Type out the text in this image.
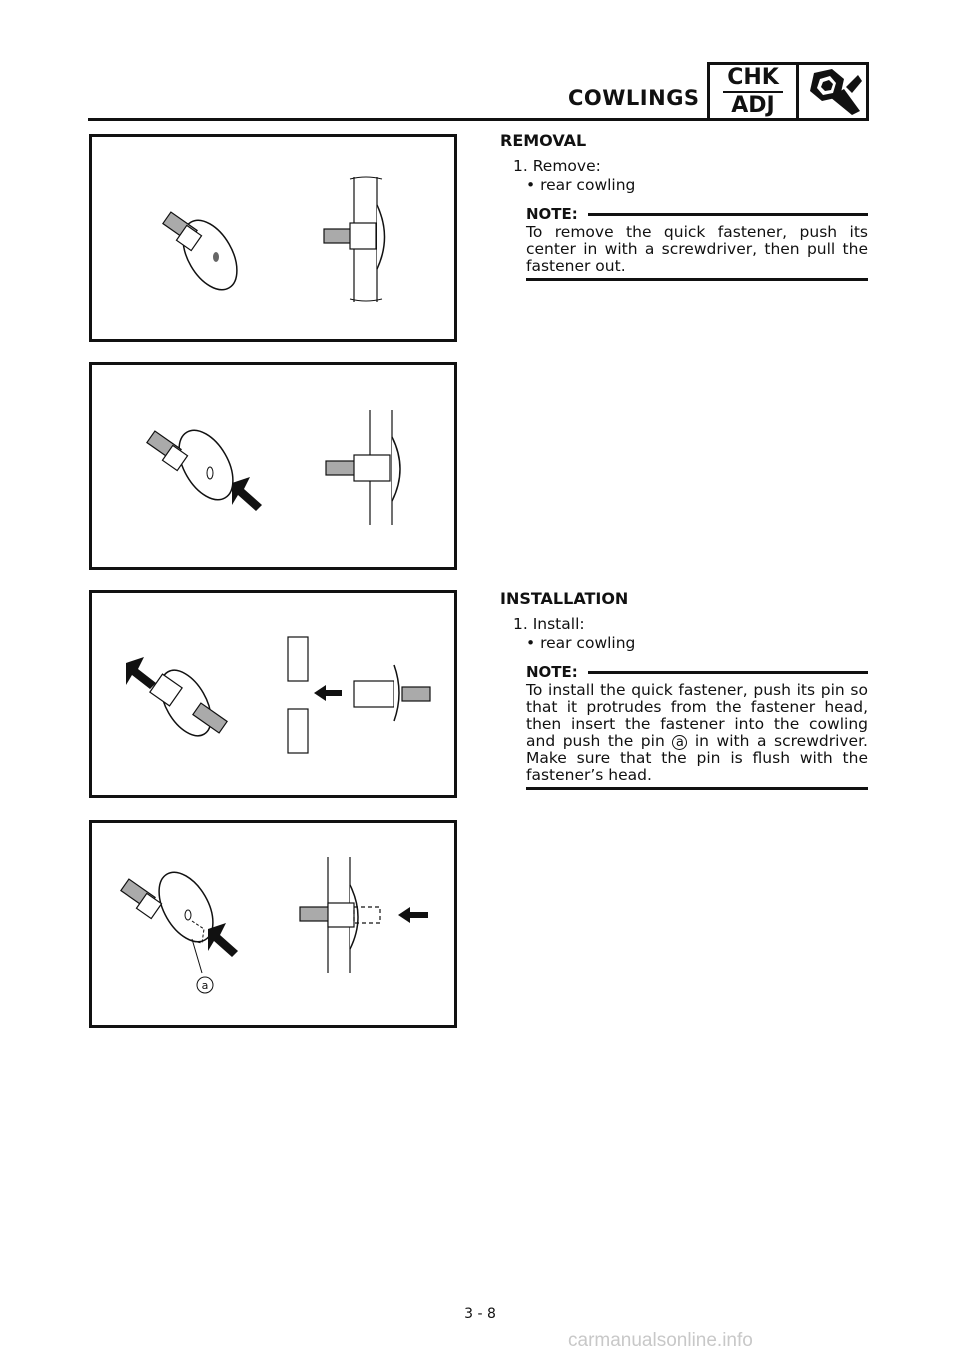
COWLINGS
CHK
ADJ
a
REMOVAL
1. Remove:
• rear cowling
NOTE:
To remove the quick fastener, push its center in with a screwdriver, then pull the fastener out.
INSTALLATION
1. Install:
• rear cowling
NOTE:
To install the quick fastener, push its pin so that it protrudes from the fastener head, then insert the fastener into the cowling and push the pin a in with a screwdriver. Make sure that the pin is flush with the fastener’s head.
3 - 8
carmanualsonline.info
